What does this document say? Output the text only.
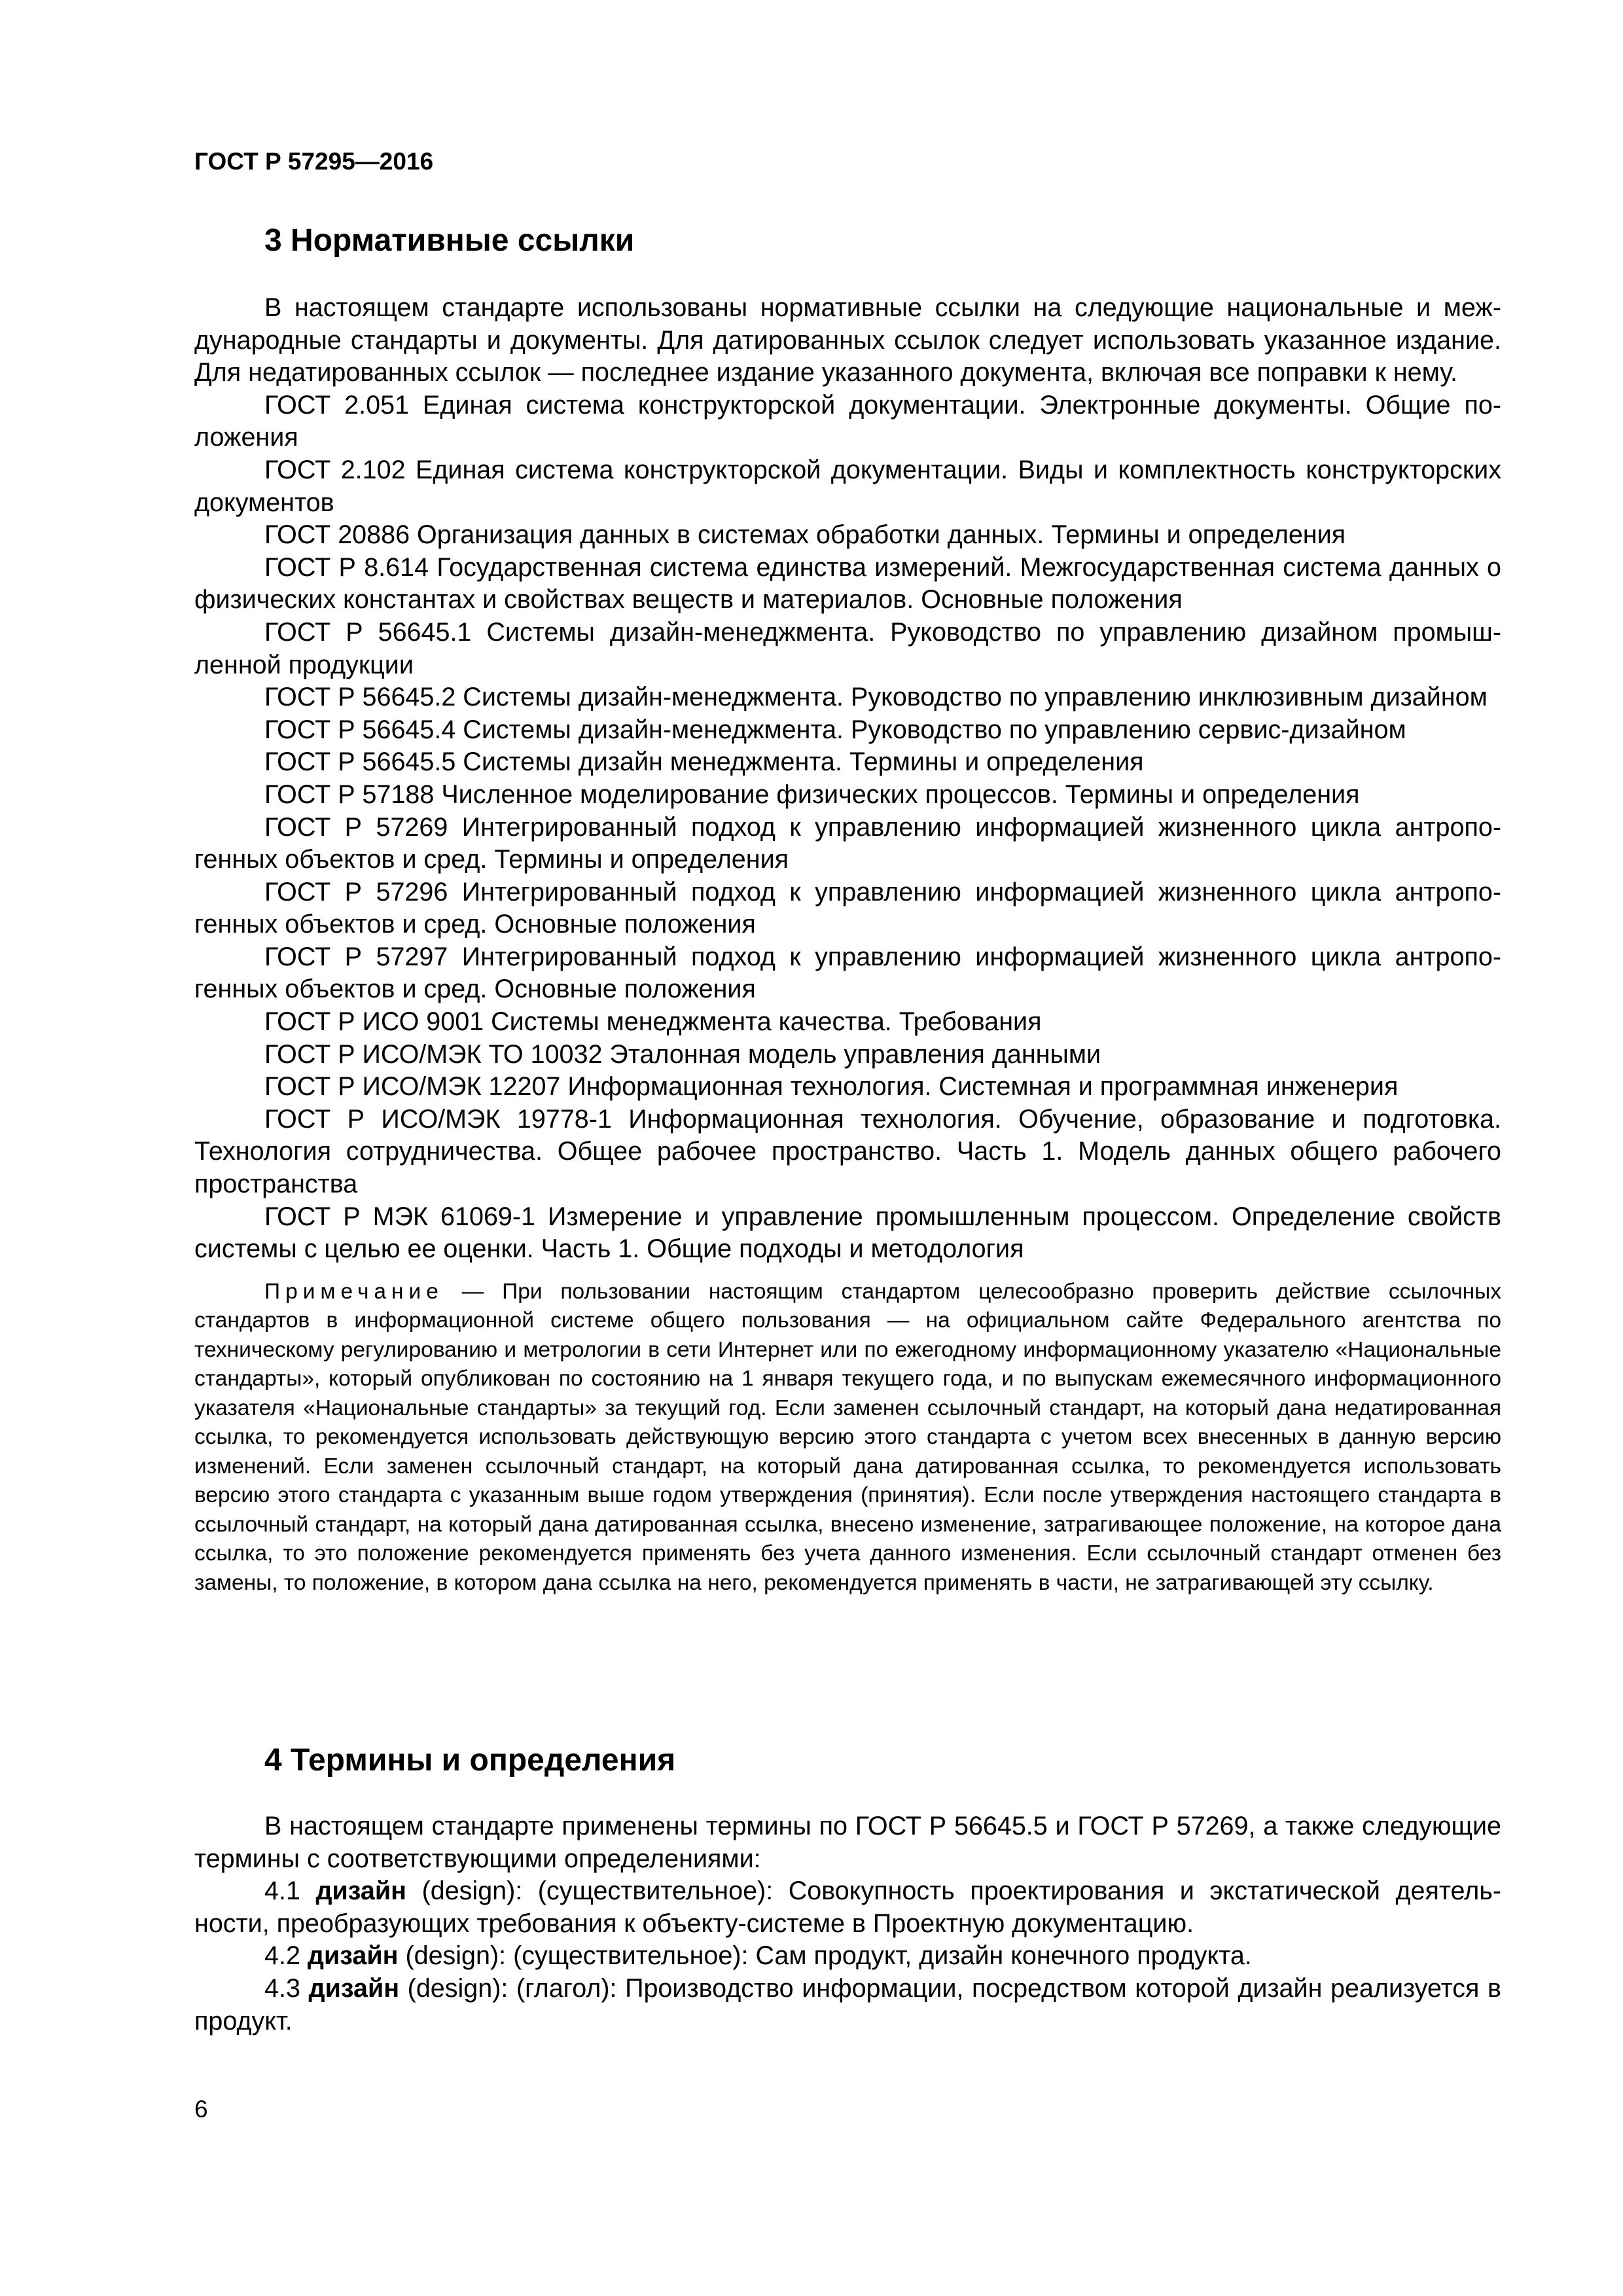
ГОСТ Р 57295—2016
3 Нормативные ссылки

В настоящем стандарте использованы нормативные ссылки на следующие национальные и международные стандарты и документы. Для датированных ссылок следует использовать указанное издание. Для недатированных ссылок — последнее издание указанного документа, включая все поправки к нему.

ГОСТ 2.051 Единая система конструкторской документации. Электронные документы. Общие положения

ГОСТ 2.102 Единая система конструкторской документации. Виды и комплектность конструкторских документов

ГОСТ 20886 Организация данных в системах обработки данных. Термины и определения

ГОСТ Р 8.614 Государственная система единства измерений. Межгосударственная система данных о физических константах и свойствах веществ и материалов. Основные положения

ГОСТ Р 56645.1 Системы дизайн-менеджмента. Руководство по управлению дизайном промышленной продукции

ГОСТ Р 56645.2 Системы дизайн-менеджмента. Руководство по управлению инклюзивным дизайном

ГОСТ Р 56645.4 Системы дизайн-менеджмента. Руководство по управлению сервис-дизайном

ГОСТ Р 56645.5 Системы дизайн менеджмента. Термины и определения

ГОСТ Р 57188 Численное моделирование физических процессов. Термины и определения

ГОСТ Р 57269 Интегрированный подход к управлению информацией жизненного цикла антропогенных объектов и сред. Термины и определения

ГОСТ Р 57296 Интегрированный подход к управлению информацией жизненного цикла антропогенных объектов и сред. Основные положения

ГОСТ Р 57297 Интегрированный подход к управлению информацией жизненного цикла антропогенных объектов и сред. Основные положения

ГОСТ Р ИСО 9001 Системы менеджмента качества. Требования

ГОСТ Р ИСО/МЭК ТО 10032 Эталонная модель управления данными

ГОСТ Р ИСО/МЭК 12207 Информационная технология. Системная и программная инженерия

ГОСТ Р ИСО/МЭК 19778-1 Информационная технология. Обучение, образование и подготовка. Технология сотрудничества. Общее рабочее пространство. Часть 1. Модель данных общего рабочего пространства

ГОСТ Р МЭК 61069-1 Измерение и управление промышленным процессом. Определение свойств системы с целью ее оценки. Часть 1. Общие подходы и методология

Примечание — При пользовании настоящим стандартом целесообразно проверить действие ссылочных стандартов в информационной системе общего пользования — на официальном сайте Федерального агентства по техническому регулированию и метрологии в сети Интернет или по ежегодному информационному указателю «Национальные стандарты», который опубликован по состоянию на 1 января текущего года, и по выпускам ежемесячного информационного указателя «Национальные стандарты» за текущий год. Если заменен ссылочный стандарт, на который дана недатированная ссылка, то рекомендуется использовать действующую версию этого стандарта с учетом всех внесенных в данную версию изменений. Если заменен ссылочный стандарт, на который дана датированная ссылка, то рекомендуется использовать версию этого стандарта с указанным выше годом утверждения (принятия). Если после утверждения настоящего стандарта в ссылочный стандарт, на который дана датированная ссылка, внесено изменение, затрагивающее положение, на которое дана ссылка, то это положение рекомендуется применять без учета данного изменения. Если ссылочный стандарт отменен без замены, то положение, в котором дана ссылка на него, рекомендуется применять в части, не затрагивающей эту ссылку.

4 Термины и определения

В настоящем стандарте применены термины по ГОСТ Р 56645.5 и ГОСТ Р 57269, а также следующие термины с соответствующими определениями:

4.1 дизайн (design): (существительное): Совокупность проектирования и экстатической деятельности, преобразующих требования к объекту-системе в Проектную документацию.

4.2 дизайн (design): (существительное): Сам продукт, дизайн конечного продукта.

4.3 дизайн (design): (глагол): Производство информации, посредством которой дизайн реализуется в продукт.

6
